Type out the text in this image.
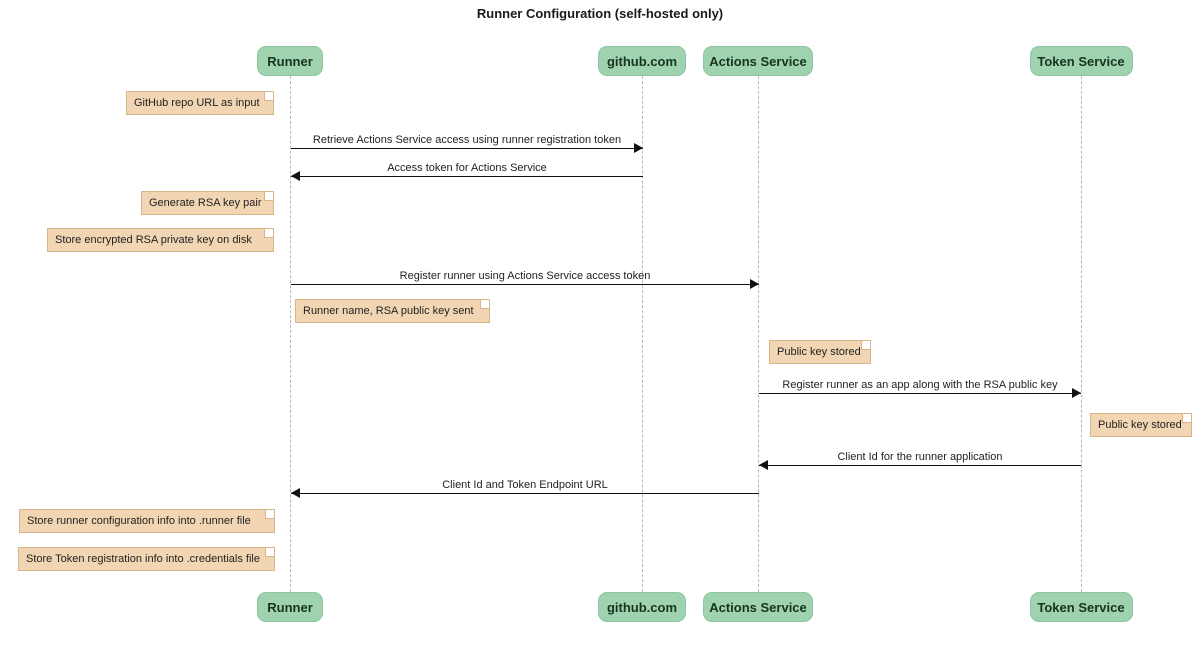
Runner Configuration (self-hosted only)
Retrieve Actions Service access using runner registration token
Access token for Actions Service
Register runner using Actions Service access token
Register runner as an app along with the RSA public key
Client Id for the runner application
Client Id and Token Endpoint URL
GitHub repo URL as input
Generate RSA key pair
Store encrypted RSA private key on disk
Runner name, RSA public key sent
Public key stored
Public key stored
Store runner configuration info into .runner file
Store Token registration info into .credentials file
Runner
Runner
github.com
github.com
Actions Service
Actions Service
Token Service
Token Service
